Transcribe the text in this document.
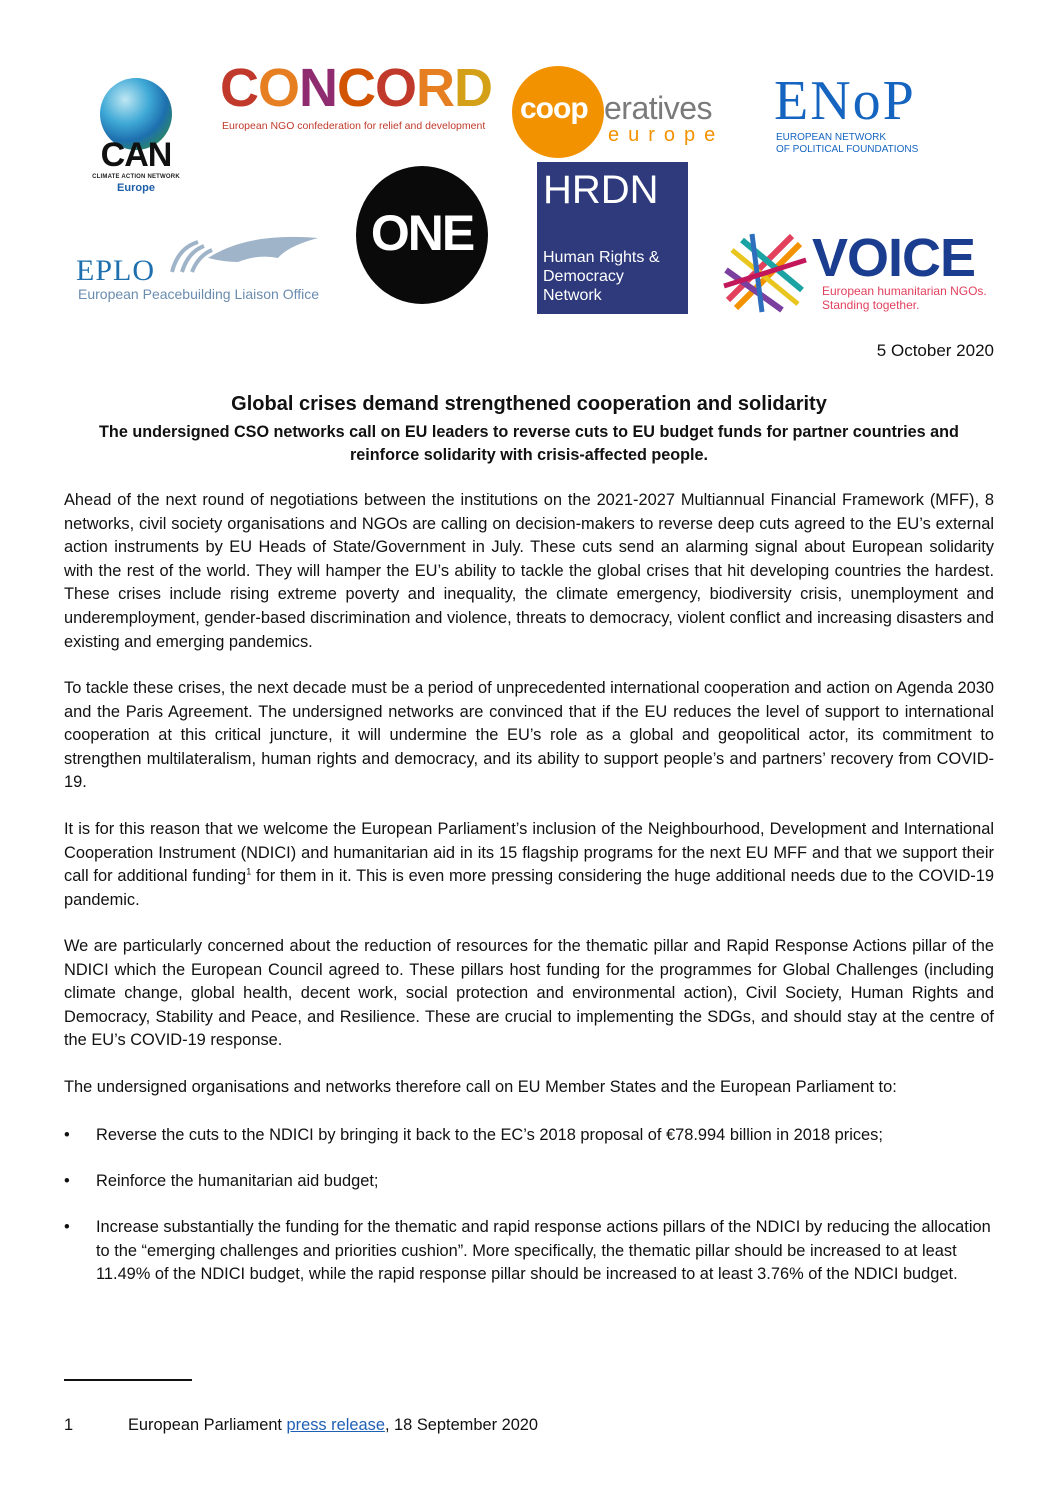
CAN
CLIMATE ACTION NETWORK
Europe
CONCORD
European NGO confederation for relief and development
coop eratives
europe
ENoP
EUROPEAN NETWORK
OF POLITICAL FOUNDATIONS
EPLO
European Peacebuilding Liaison Office
ONE
HRDN
Human Rights &
Democracy
Network
VOICE
European humanitarian NGOs.
Standing together.
5 October 2020
Global crises demand strengthened cooperation and solidarity
The undersigned CSO networks call on EU leaders to reverse cuts to EU budget funds for partner countries and reinforce solidarity with crisis-affected people.
Ahead of the next round of negotiations between the institutions on the 2021-2027 Multiannual Financial Framework (MFF), 8 networks, civil society organisations and NGOs are calling on decision-makers to reverse deep cuts agreed to the EU’s external action instruments by EU Heads of State/Government in July. These cuts send an alarming signal about European solidarity with the rest of the world. They will hamper the EU’s ability to tackle the global crises that hit developing countries the hardest. These crises include rising extreme poverty and inequality, the climate emergency, biodiversity crisis, unemployment and underemployment, gender-based discrimination and violence, threats to democracy, violent conflict and increasing disasters and existing and emerging pandemics.
To tackle these crises, the next decade must be a period of unprecedented international cooperation and action on Agenda 2030 and the Paris Agreement. The undersigned networks are convinced that if the EU reduces the level of support to international cooperation at this critical juncture, it will undermine the EU’s role as a global and geopolitical actor, its commitment to strengthen multilateralism, human rights and democracy, and its ability to support people’s and partners’ recovery from COVID-19.
It is for this reason that we welcome the European Parliament’s inclusion of the Neighbourhood, Development and International Cooperation Instrument (NDICI) and humanitarian aid in its 15 flagship programs for the next EU MFF and that we support their call for additional funding$^1$ for them in it. This is even more pressing considering the huge additional needs due to the COVID-19 pandemic.
We are particularly concerned about the reduction of resources for the thematic pillar and Rapid Response Actions pillar of the NDICI which the European Council agreed to. These pillars host funding for the programmes for Global Challenges (including climate change, global health, decent work, social protection and environmental action), Civil Society, Human Rights and Democracy, Stability and Peace, and Resilience. These are crucial to implementing the SDGs, and should stay at the centre of the EU’s COVID-19 response.
The undersigned organisations and networks therefore call on EU Member States and the European Parliament to:
• Reverse the cuts to the NDICI by bringing it back to the EC’s 2018 proposal of €78.994 billion in 2018 prices;
• Reinforce the humanitarian aid budget;
• Increase substantially the funding for the thematic and rapid response actions pillars of the NDICI by reducing the allocation to the “emerging challenges and priorities cushion”. More specifically, the thematic pillar should be increased to at least 11.49% of the NDICI budget, while the rapid response pillar should be increased to at least 3.76% of the NDICI budget.
1	European Parliament press release, 18 September 2020
